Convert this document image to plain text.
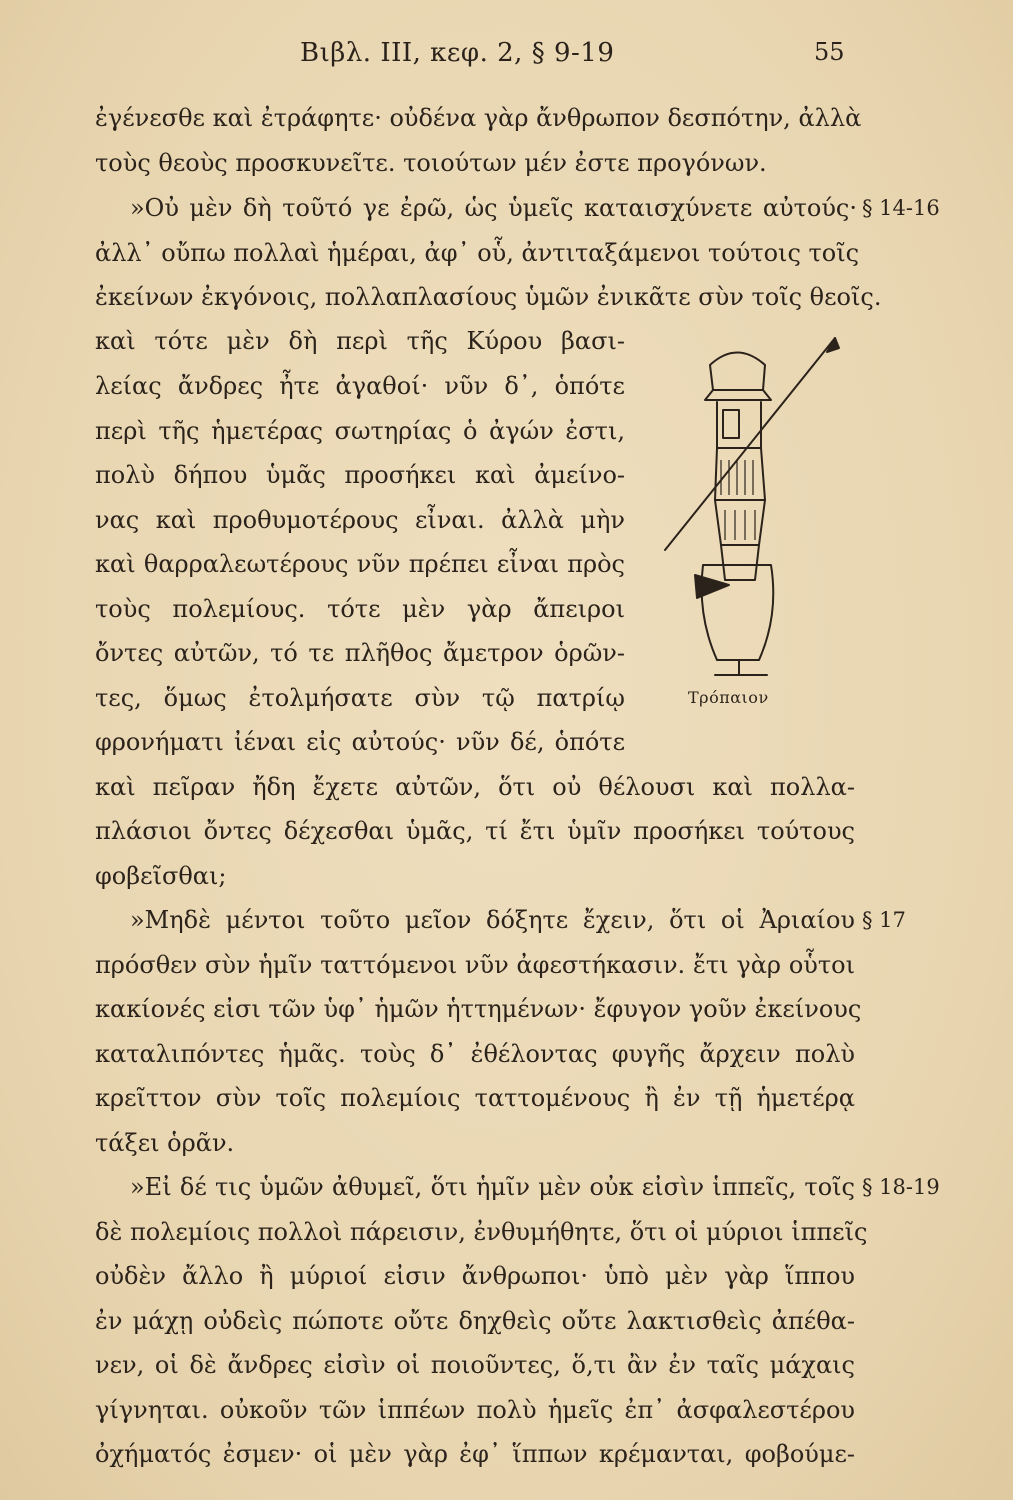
Βιβλ. ΙΙΙ, κεφ. 2, § 9-19	55
ἐγένεσθε καὶ ἐτράφητε· οὐδένα γὰρ ἄνθρωπον δεσπότην, ἀλλὰ
τοὺς θεοὺς προσκυνεῖτε. τοιούτων μέν ἐστε προγόνων.
»Οὐ μὲν δὴ τοῦτό γε ἐρῶ, ὡς ὑμεῖς καταισχύνετε αὐτούς·
ἀλλ᾽ οὔπω πολλαὶ ἡμέραι, ἀφ᾽ οὗ, ἀντιταξάμενοι τούτοις τοῖς
ἐκείνων ἐκγόνοις, πολλαπλασίους ὑμῶν ἐνικᾶτε σὺν τοῖς θεοῖς.
καὶ τότε μὲν δὴ περὶ τῆς Κύρου βασι-
λείας ἄνδρες ἦτε ἀγαθοί· νῦν δ᾽, ὁπότε
περὶ τῆς ἡμετέρας σωτηρίας ὁ ἀγών ἐστι,
πολὺ δήπου ὑμᾶς προσήκει καὶ ἀμείνο-
νας καὶ προθυμοτέρους εἶναι. ἀλλὰ μὴν
καὶ θαρραλεωτέρους νῦν πρέπει εἶναι πρὸς
τοὺς πολεμίους. τότε μὲν γὰρ ἄπειροι
ὄντες αὐτῶν, τό τε πλῆθος ἄμετρον ὁρῶν-
τες, ὅμως ἐτολμήσατε σὺν τῷ πατρίῳ
φρονήματι ἰέναι εἰς αὐτούς· νῦν δέ, ὁπότε
καὶ πεῖραν ἤδη ἔχετε αὐτῶν, ὅτι οὐ θέλουσι καὶ πολλα-
πλάσιοι ὄντες δέχεσθαι ὑμᾶς, τί ἔτι ὑμῖν προσήκει τούτους
φοβεῖσθαι;
»Μηδὲ μέντοι τοῦτο μεῖον δόξητε ἔχειν, ὅτι οἱ Ἀριαίου
πρόσθεν σὺν ἡμῖν ταττόμενοι νῦν ἀφεστήκασιν. ἔτι γὰρ οὗτοι
κακίονές εἰσι τῶν ὑφ᾽ ἡμῶν ἡττημένων· ἔφυγον γοῦν ἐκείνους
καταλιπόντες ἡμᾶς. τοὺς δ᾽ ἐθέλοντας φυγῆς ἄρχειν πολὺ
κρεῖττον σὺν τοῖς πολεμίοις ταττομένους ἢ ἐν τῇ ἡμετέρᾳ
τάξει ὁρᾶν.
»Εἰ δέ τις ὑμῶν ἀθυμεῖ, ὅτι ἡμῖν μὲν οὐκ εἰσὶν ἱππεῖς, τοῖς
δὲ πολεμίοις πολλοὶ πάρεισιν, ἐνθυμήθητε, ὅτι οἱ μύριοι ἱππεῖς
οὐδὲν ἄλλο ἢ μύριοί εἰσιν ἄνθρωποι· ὑπὸ μὲν γὰρ ἵππου
ἐν μάχῃ οὐδεὶς πώποτε οὔτε δηχθεὶς οὔτε λακτισθεὶς ἀπέθα-
νεν, οἱ δὲ ἄνδρες εἰσὶν οἱ ποιοῦντες, ὅ,τι ἂν ἐν ταῖς μάχαις
γίγνηται. οὐκοῦν τῶν ἱππέων πολὺ ἡμεῖς ἐπ᾽ ἀσφαλεστέρου
ὀχήματός ἐσμεν· οἱ μὲν γὰρ ἐφ᾽ ἵππων κρέμανται, φοβούμε-
§ 14-16
§ 17
§ 18-19
Τρόπαιον
